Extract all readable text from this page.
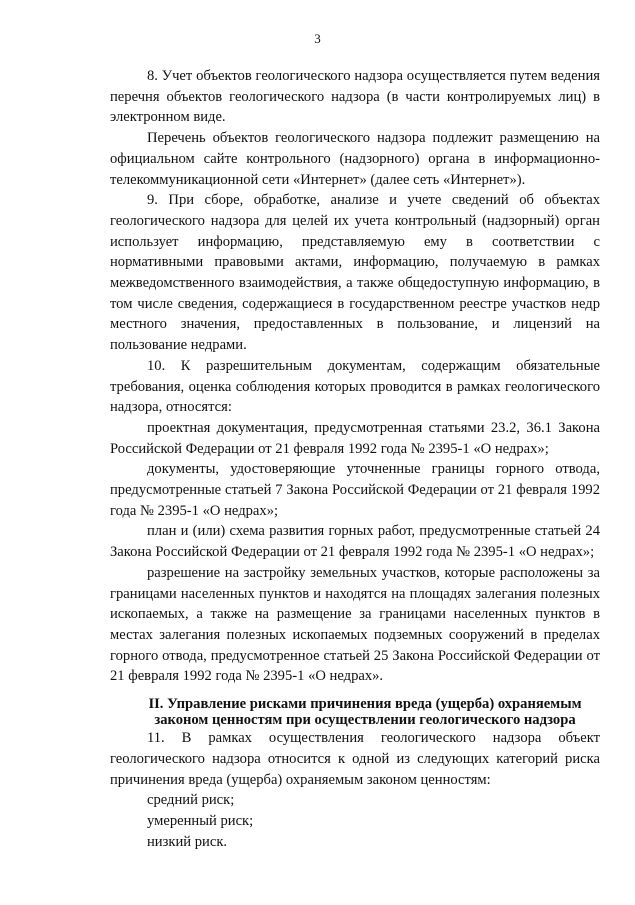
3

8. Учет объектов геологического надзора осуществляется путем ведения перечня объектов геологического надзора (в части контролируемых лиц) в электронном виде.

Перечень объектов геологического надзора подлежит размещению на официальном сайте контрольного (надзорного) органа в информационно-телекоммуникационной сети «Интернет» (далее сеть «Интернет»).

9. При сборе, обработке, анализе и учете сведений об объектах геологического надзора для целей их учета контрольный (надзорный) орган использует информацию, представляемую ему в соответствии с нормативными правовыми актами, информацию, получаемую в рамках межведомственного взаимодействия, а также общедоступную информацию, в том числе сведения, содержащиеся в государственном реестре участков недр местного значения, предоставленных в пользование, и лицензий на пользование недрами.

10. К разрешительным документам, содержащим обязательные требования, оценка соблюдения которых проводится в рамках геологического надзора, относятся:

проектная документация, предусмотренная статьями 23.2, 36.1 Закона Российской Федерации от 21 февраля 1992 года № 2395-1 «О недрах»;

документы, удостоверяющие уточненные границы горного отвода, предусмотренные статьей 7 Закона Российской Федерации от 21 февраля 1992 года № 2395-1 «О недрах»;

план и (или) схема развития горных работ, предусмотренные статьей 24 Закона Российской Федерации от 21 февраля 1992 года № 2395-1 «О недрах»;

разрешение на застройку земельных участков, которые расположены за границами населенных пунктов и находятся на площадях залегания полезных ископаемых, а также на размещение за границами населенных пунктов в местах залегания полезных ископаемых подземных сооружений в пределах горного отвода, предусмотренное статьей 25 Закона Российской Федерации от 21 февраля 1992 года № 2395-1 «О недрах».

II. Управление рисками причинения вреда (ущерба) охраняемым
законом ценностям при осуществлении геологического надзора

11. В рамках осуществления геологического надзора объект геологического надзора относится к одной из следующих категорий риска причинения вреда (ущерба) охраняемым законом ценностям:

средний риск;

умеренный риск;

низкий риск.
